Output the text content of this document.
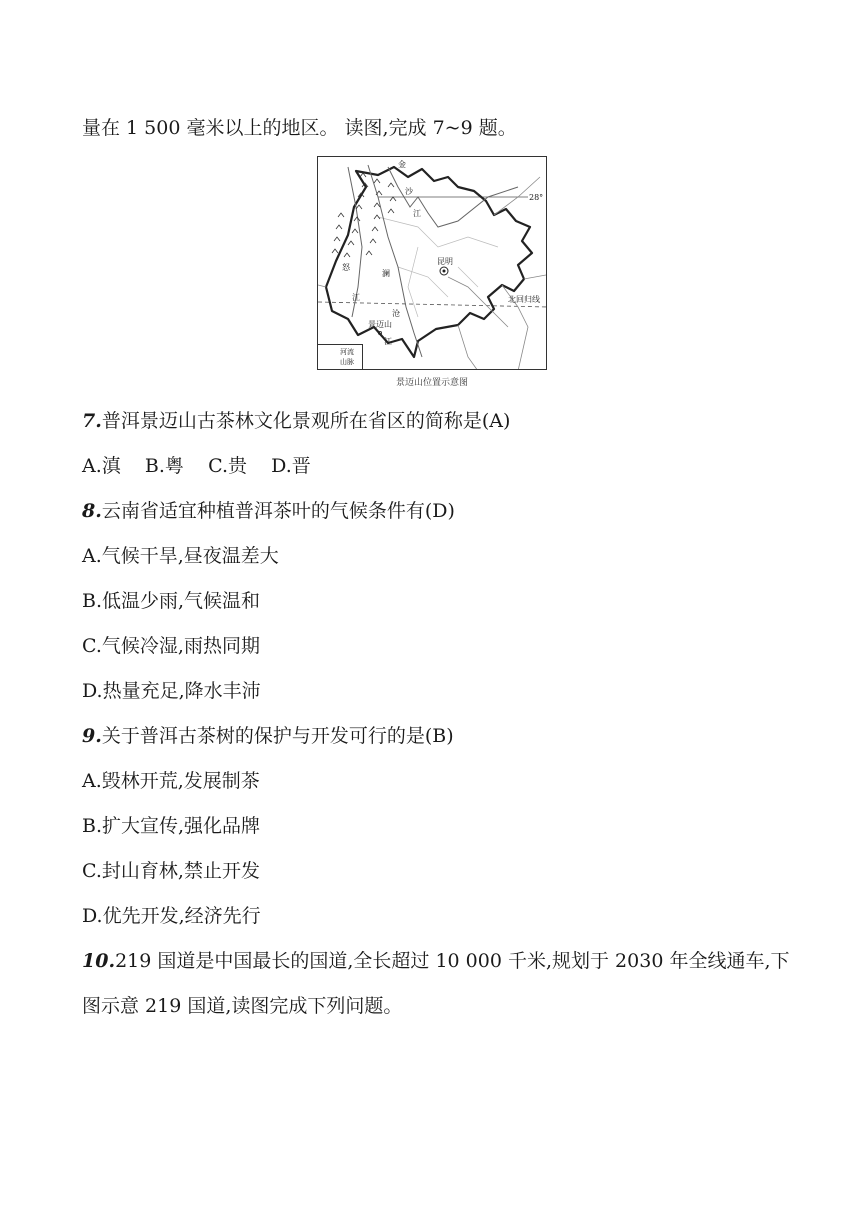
量在 1 500 毫米以上的地区。 读图,完成 7~9 题。
金
沙
江
28°
昆明
怒
澜
江
沧
北回归线
景迈山
江
河流
山脉
景迈山位置示意图
7.普洱景迈山古茶林文化景观所在省区的简称是(A)
A.滇    B.粤    C.贵    D.晋
8.云南省适宜种植普洱茶叶的气候条件有(D)
A.气候干旱,昼夜温差大
B.低温少雨,气候温和
C.气候冷湿,雨热同期
D.热量充足,降水丰沛
9.关于普洱古茶树的保护与开发可行的是(B)
A.毁林开荒,发展制茶
B.扩大宣传,强化品牌
C.封山育林,禁止开发
D.优先开发,经济先行
10.219 国道是中国最长的国道,全长超过 10 000 千米,规划于 2030 年全线通车,下
图示意 219 国道,读图完成下列问题。
